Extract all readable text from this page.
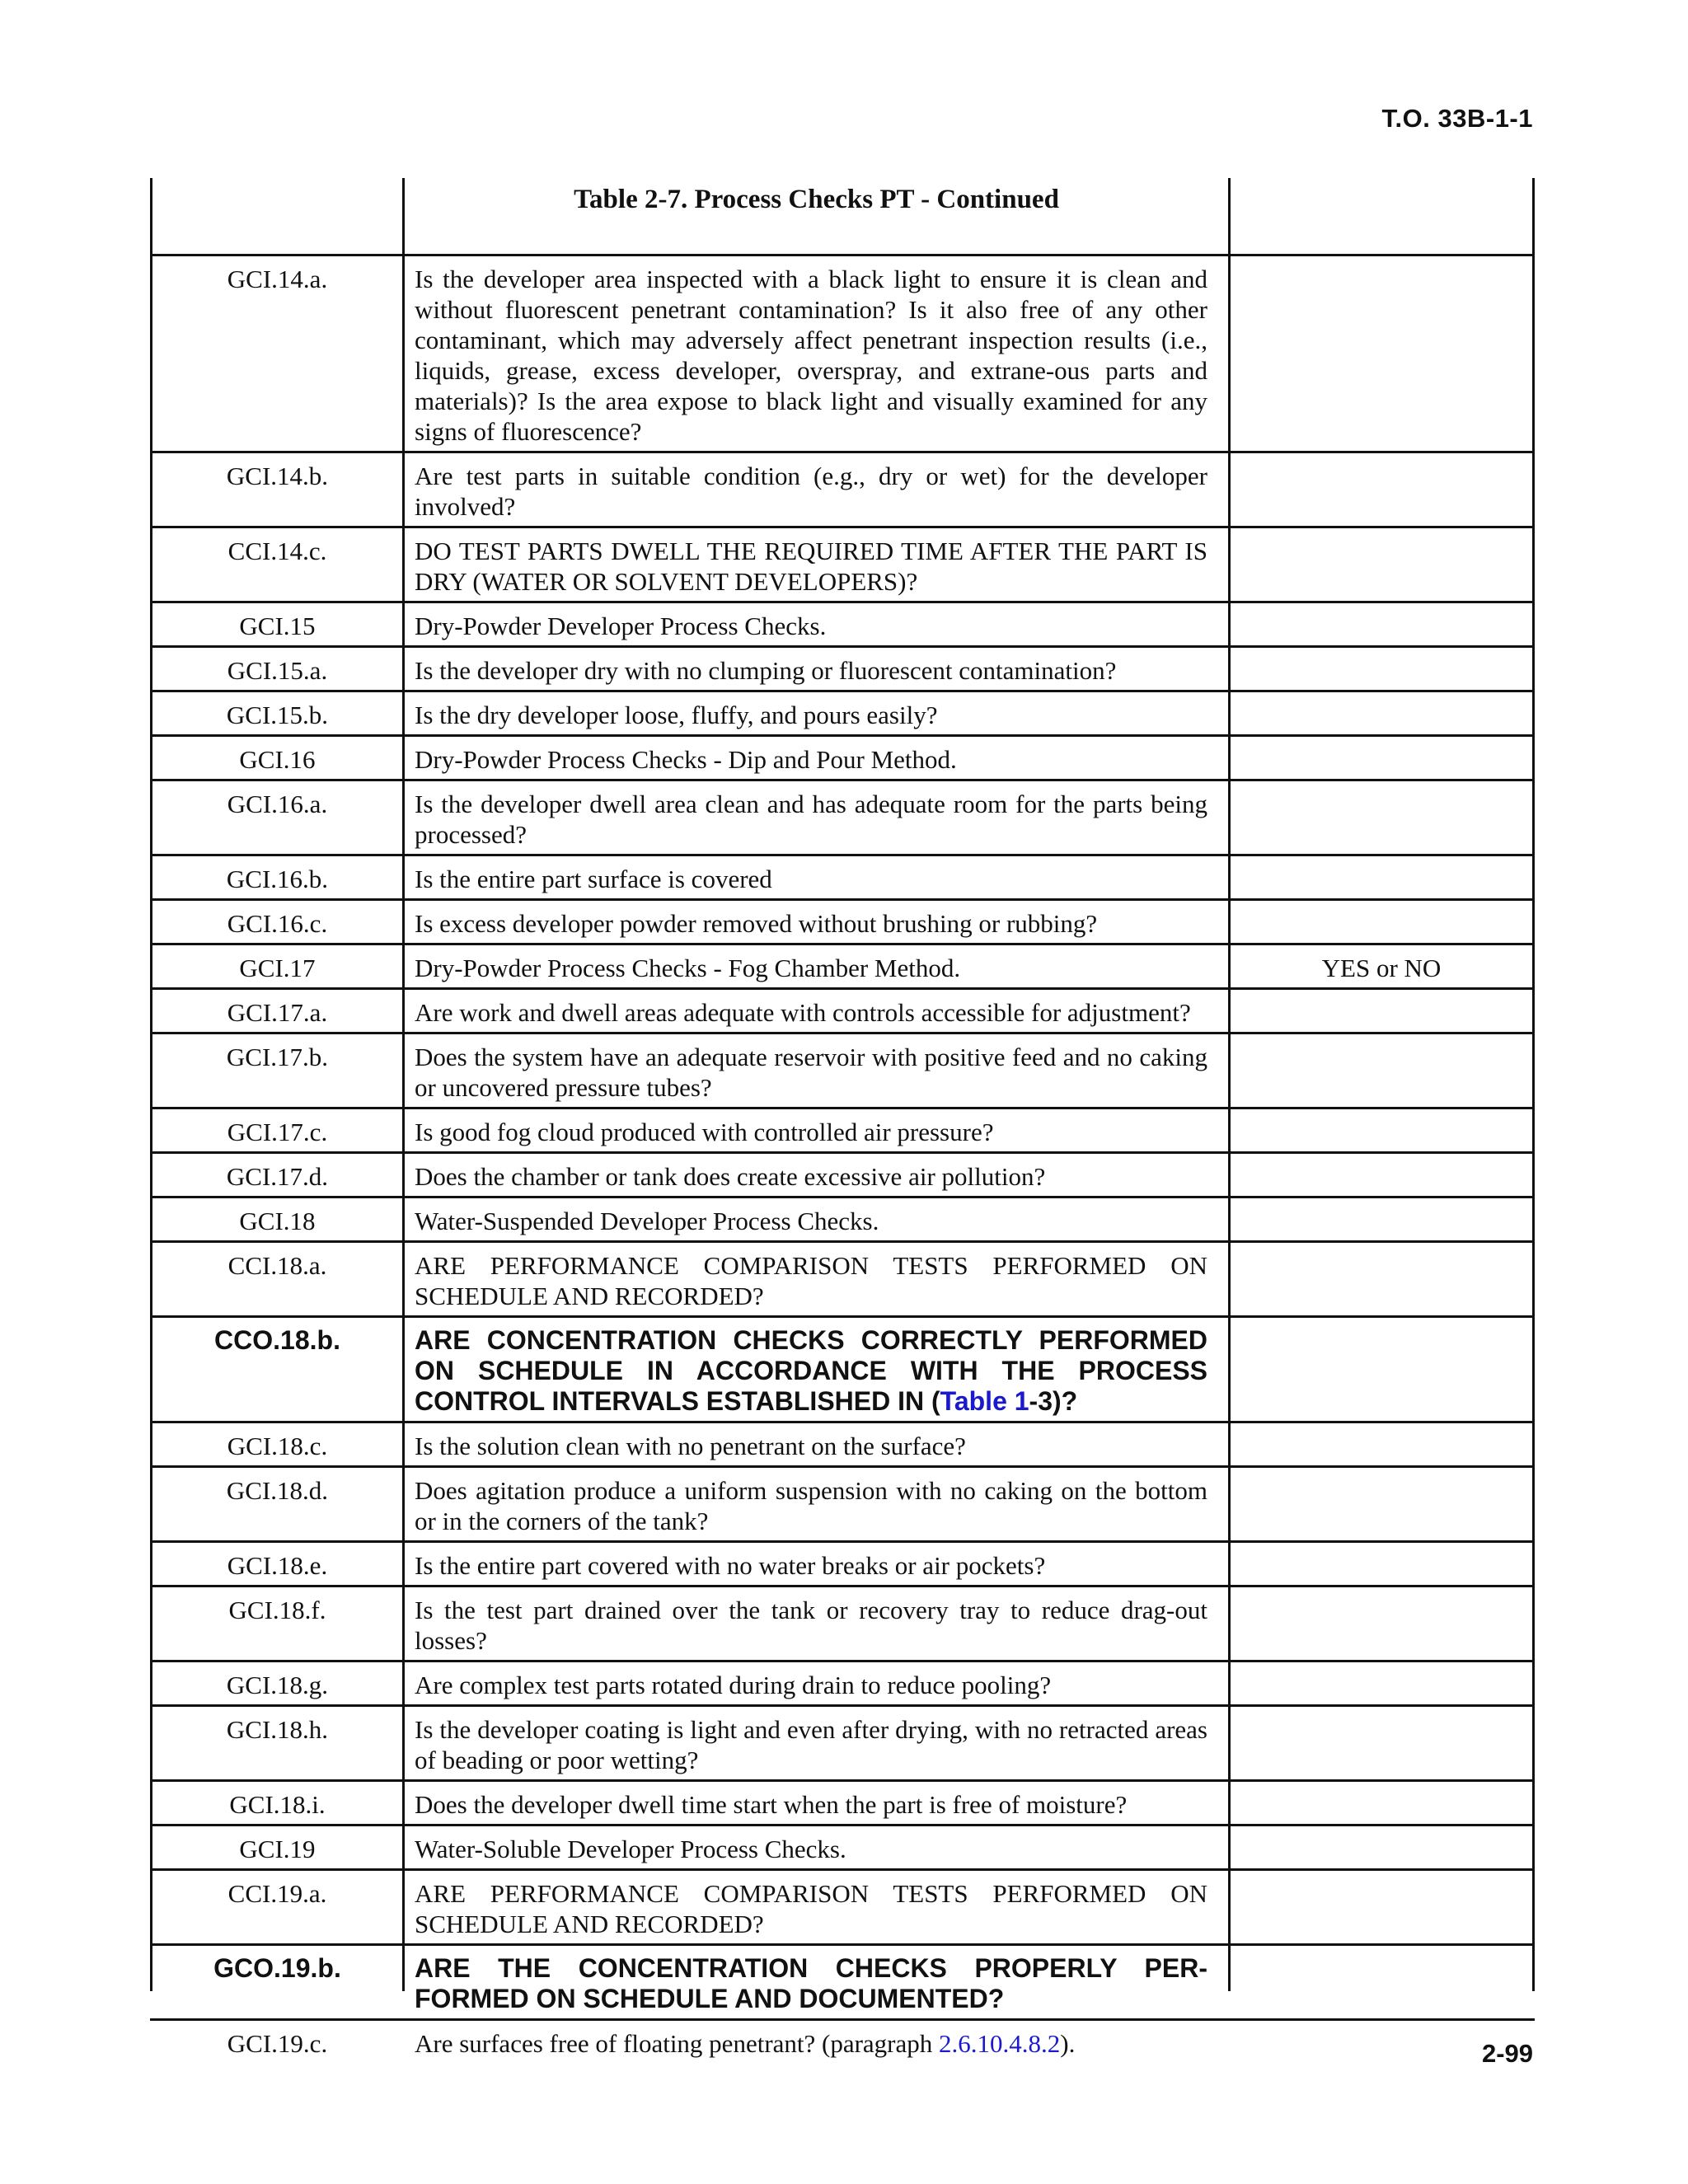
T.O. 33B-1-1
Table 2-7. Process Checks PT - Continued
GCI.14.a.	Is the developer area inspected with a black light to ensure it is clean and without fluorescent penetrant contamination? Is it also free of any other contaminant, which may adversely affect penetrant inspection results (i.e., liquids, grease, excess developer, overspray, and extrane-ous parts and materials)? Is the area expose to black light and visually examined for any signs of fluorescence?
GCI.14.b.	Are test parts in suitable condition (e.g., dry or wet) for the developer involved?
CCI.14.c.	DO TEST PARTS DWELL THE REQUIRED TIME AFTER THE PART IS DRY (WATER OR SOLVENT DEVELOPERS)?
GCI.15	Dry-Powder Developer Process Checks.
GCI.15.a.	Is the developer dry with no clumping or fluorescent contamination?
GCI.15.b.	Is the dry developer loose, fluffy, and pours easily?
GCI.16	Dry-Powder Process Checks - Dip and Pour Method.
GCI.16.a.	Is the developer dwell area clean and has adequate room for the parts being processed?
GCI.16.b.	Is the entire part surface is covered
GCI.16.c.	Is excess developer powder removed without brushing or rubbing?
GCI.17	Dry-Powder Process Checks - Fog Chamber Method.	YES or NO
GCI.17.a.	Are work and dwell areas adequate with controls accessible for adjustment?
GCI.17.b.	Does the system have an adequate reservoir with positive feed and no caking or uncovered pressure tubes?
GCI.17.c.	Is good fog cloud produced with controlled air pressure?
GCI.17.d.	Does the chamber or tank does create excessive air pollution?
GCI.18	Water-Suspended Developer Process Checks.
CCI.18.a.	ARE PERFORMANCE COMPARISON TESTS PERFORMED ON SCHEDULE AND RECORDED?
CCO.18.b.	ARE CONCENTRATION CHECKS CORRECTLY PERFORMED ON SCHEDULE IN ACCORDANCE WITH THE PROCESS CONTROL INTERVALS ESTABLISHED IN (Table 1-3)?
GCI.18.c.	Is the solution clean with no penetrant on the surface?
GCI.18.d.	Does agitation produce a uniform suspension with no caking on the bottom or in the corners of the tank?
GCI.18.e.	Is the entire part covered with no water breaks or air pockets?
GCI.18.f.	Is the test part drained over the tank or recovery tray to reduce drag-out losses?
GCI.18.g.	Are complex test parts rotated during drain to reduce pooling?
GCI.18.h.	Is the developer coating is light and even after drying, with no retracted areas of beading or poor wetting?
GCI.18.i.	Does the developer dwell time start when the part is free of moisture?
GCI.19	Water-Soluble Developer Process Checks.
CCI.19.a.	ARE PERFORMANCE COMPARISON TESTS PERFORMED ON SCHEDULE AND RECORDED?
GCO.19.b.	ARE THE CONCENTRATION CHECKS PROPERLY PER-FORMED ON SCHEDULE AND DOCUMENTED?
GCI.19.c.	Are surfaces free of floating penetrant? (paragraph 2.6.10.4.8.2).	2-99
